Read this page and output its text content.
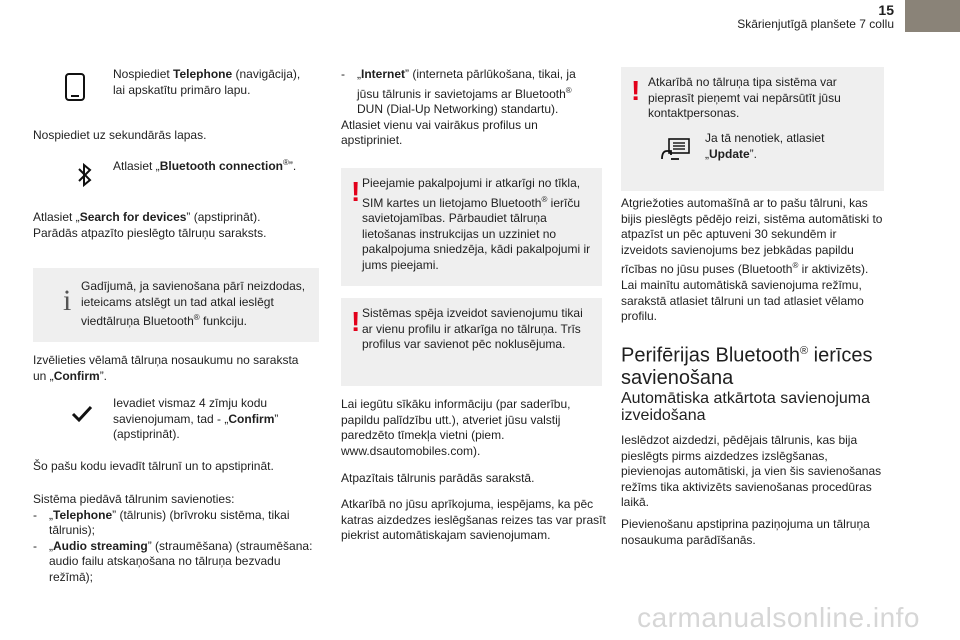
15
Skārienjutīgā planšete 7 collu

Nospiediet Telephone (navigācija), lai apskatītu primāro lapu.

Nospiediet uz sekundārās lapas.

Atlasiet „Bluetooth connection®”.

Atlasiet „Search for devices” (apstiprināt).
Parādās atpazīto pieslēgto tālruņu saraksts.

i Gadījumā, ja savienošana pārī neizdodas, ieteicams atslēgt un tad atkal ieslēgt viedtālruņa Bluetooth® funkciju.

Izvēlieties vēlamā tālruņa nosaukumu no saraksta un „Confirm”.

Ievadiet vismaz 4 zīmju kodu savienojumam, tad - „Confirm” (apstiprināt).

Šo pašu kodu ievadīt tālrunī un to apstiprināt.

Sistēma piedāvā tālrunim savienoties:

-	„Telephone” (tālrunis) (brīvroku sistēma, tikai tālrunis);
-	„Audio streaming” (straumēšana) (straumēšana: audio failu atskaņošana no tālruņa bezvadu režīmā);
-	„Internet” (interneta pārlūkošana, tikai, ja jūsu tālrunis ir savietojams ar Bluetooth® DUN (Dial-Up Networking) standartu).

Atlasiet vienu vai vairākus profilus un apstipriniet.

! Pieejamie pakalpojumi ir atkarīgi no tīkla, SIM kartes un lietojamo Bluetooth® ierīču savietojamības. Pārbaudiet tālruņa lietošanas instrukcijas un uzziniet no pakalpojuma sniedzēja, kādi pakalpojumi ir jums pieejami.

! Sistēmas spēja izveidot savienojumu tikai ar vienu profilu ir atkarīga no tālruņa. Trīs profilus var savienot pēc noklusējuma.

Lai iegūtu sīkāku informāciju (par saderību, papildu palīdzību utt.), atveriet jūsu valstij paredzēto tīmekļa vietni (piem. www.dsautomobiles.com).

Atpazītais tālrunis parādās sarakstā.

Atkarībā no jūsu aprīkojuma, iespējams, ka pēc katras aizdedzes ieslēgšanas reizes tas var prasīt piekrist automātiskajam savienojumam.

! Atkarībā no tālruņa tipa sistēma var pieprasīt pieņemt vai nepārsūtīt jūsu kontaktpersonas.

Ja tā nenotiek, atlasiet „Update”.

Atgriežoties automašīnā ar to pašu tālruni, kas bijis pieslēgts pēdējo reizi, sistēma automātiski to atpazīst un pēc aptuveni 30 sekundēm ir izveidots savienojums bez jebkādas papildu rīcības no jūsu puses (Bluetooth® ir aktivizēts). Lai mainītu automātiskā savienojuma režīmu, sarakstā atlasiet tālruni un tad atlasiet vēlamo profilu.

Perifērijas Bluetooth® ierīces savienošana
Automātiska atkārtota savienojuma izveidošana

Ieslēdzot aizdedzi, pēdējais tālrunis, kas bija pieslēgts pirms aizdedzes izslēgšanas, pievienojas automātiski, ja vien šis savienošanas režīms tika aktivizēts savienošanas procedūras laikā.

Pievienošanu apstiprina paziņojuma un tālruņa nosaukuma parādīšanās.

carmanualsonline.info
